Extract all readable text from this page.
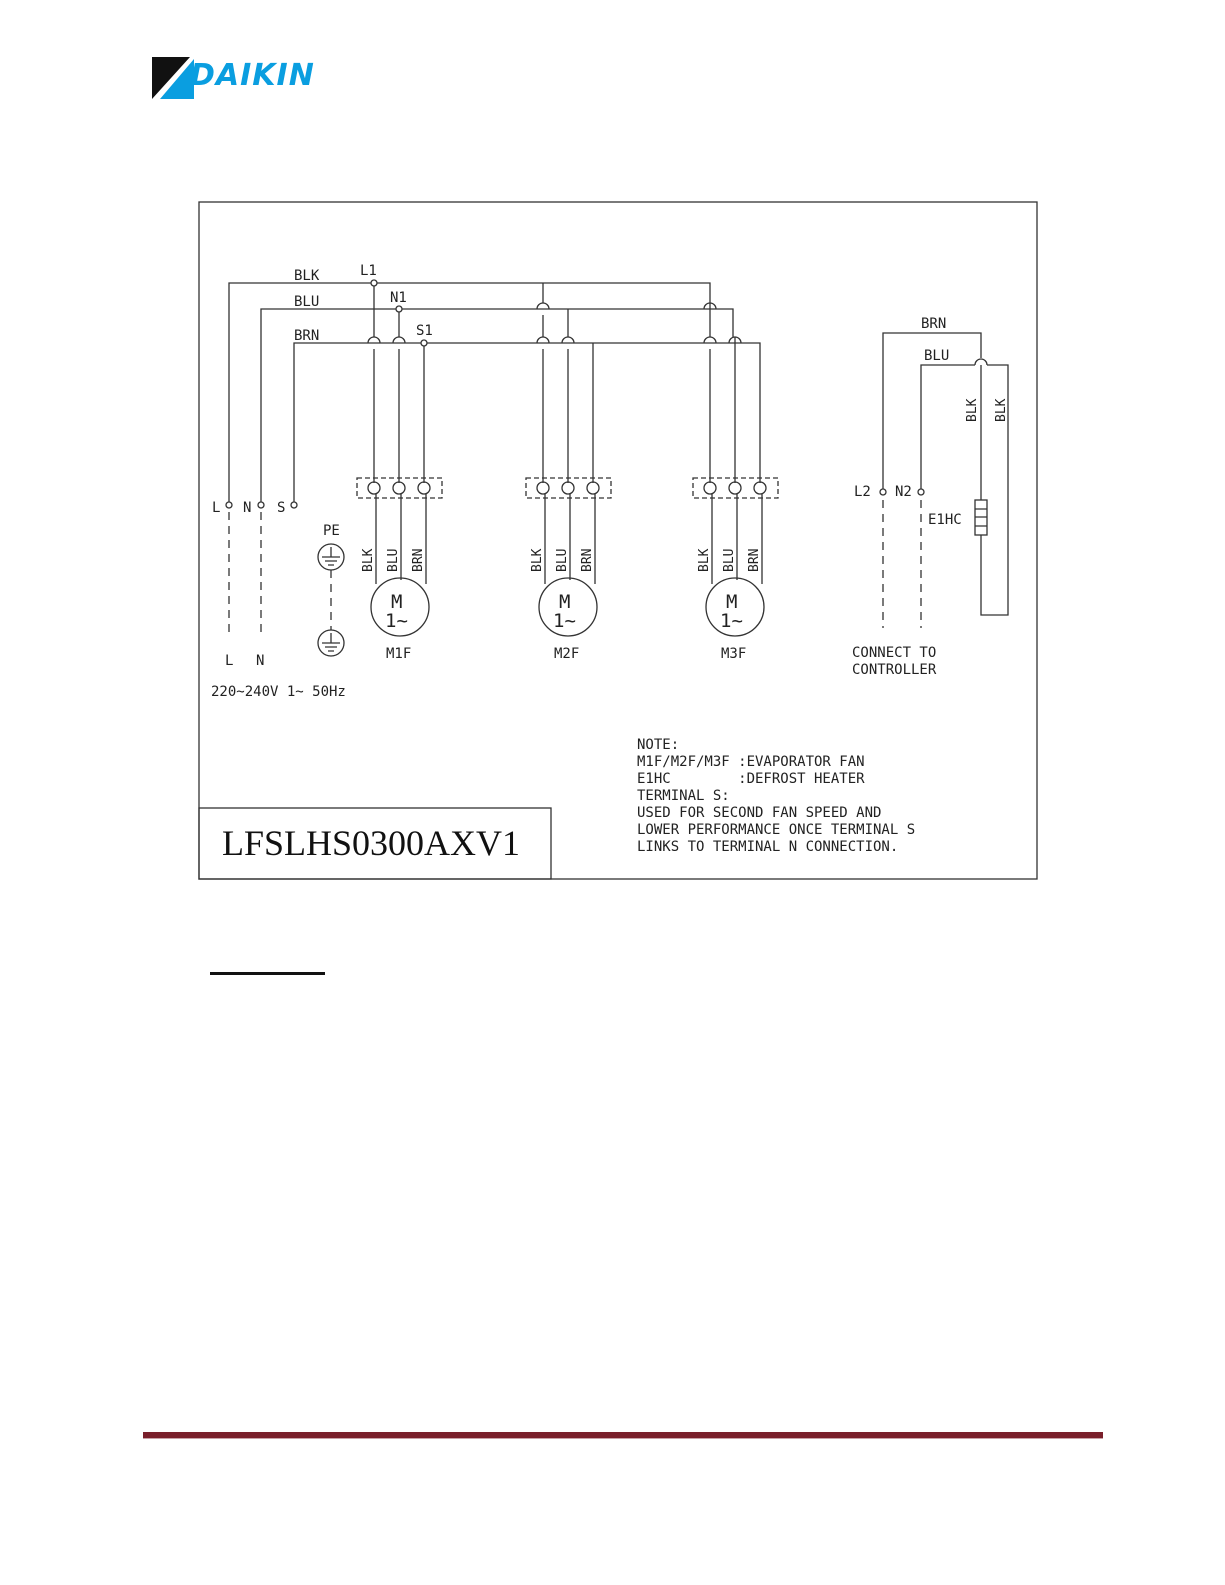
DAIKIN
BLK
BLU
BRN
L1
N1
S1
L N S
PE
L N
220~240V 1~ 50Hz
BLK BLU BRN	BLK BLU BRN	BLK BLU BRN
M
1~
M
1~
M
1~
M1F	M2F	M3F
BRN
BLU
BLK BLK
L2 N2
E1HC
CONNECT TO
CONTROLLER
NOTE:
M1F/M2F/M3F :EVAPORATOR FAN
E1HC        :DEFROST HEATER
TERMINAL S:
USED FOR SECOND FAN SPEED AND
LOWER PERFORMANCE ONCE TERMINAL S
LINKS TO TERMINAL N CONNECTION.
LFSLHS0300AXV1
